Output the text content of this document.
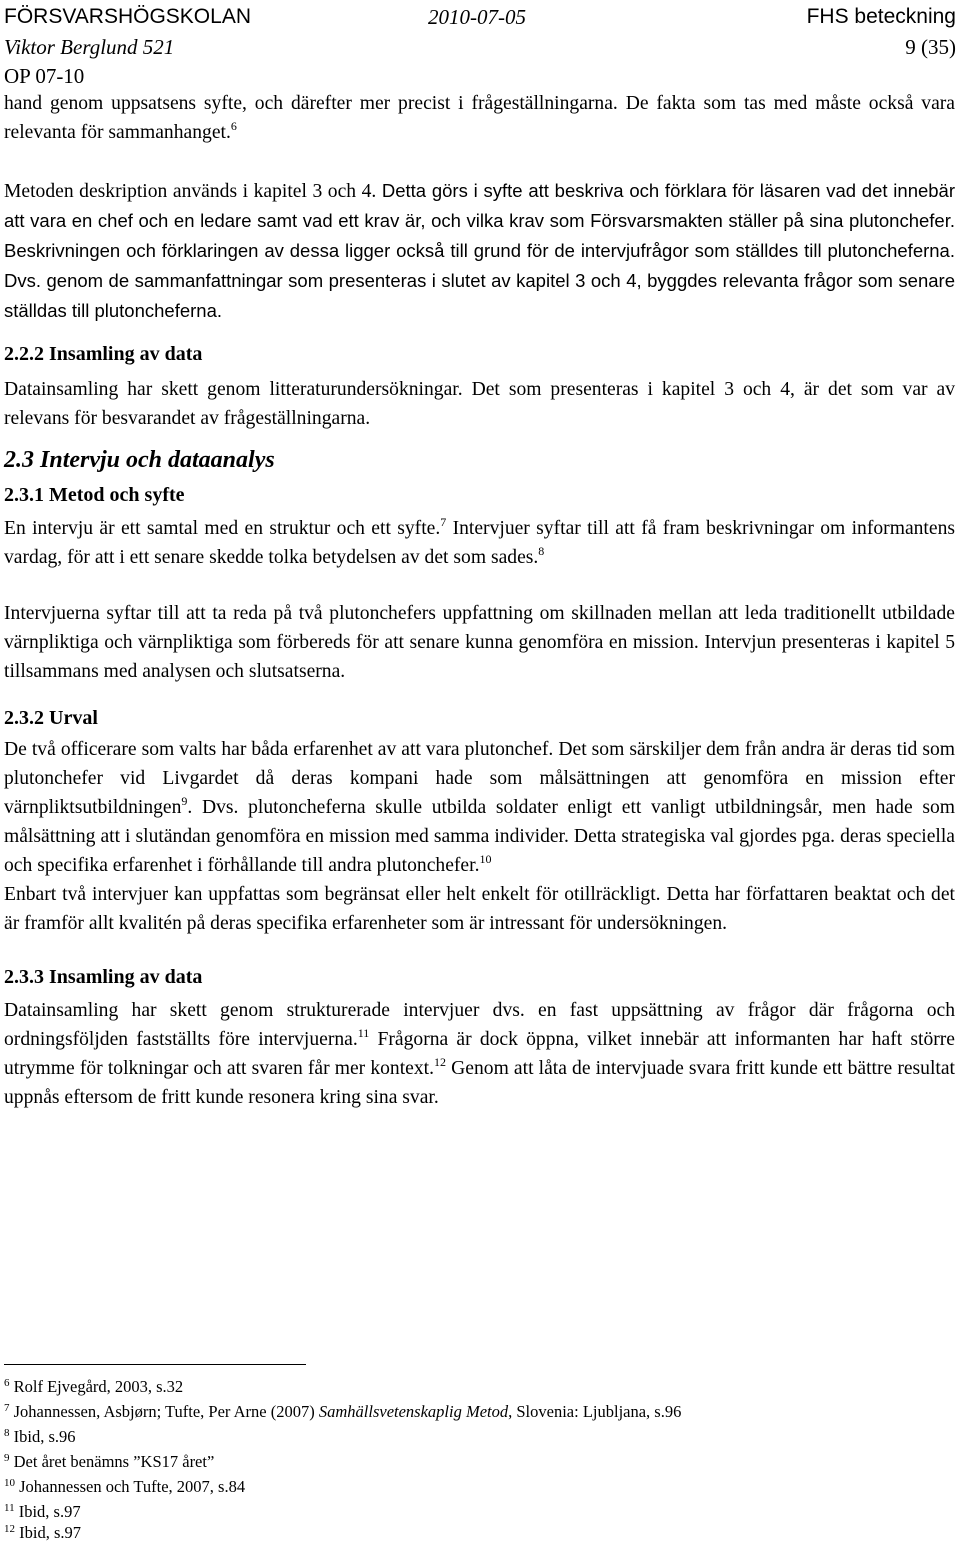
FÖRSVARSHÖGSKOLAN	2010-07-05	FHS beteckning
Viktor Berglund 521	9 (35)
OP 07-10

hand genom uppsatsens syfte, och därefter mer precist i frågeställningarna. De fakta som tas med måste också vara relevanta för sammanhanget.$^6$

Metoden deskription används i kapitel 3 och 4. Detta görs i syfte att beskriva och förklara för läsaren vad det innebär att vara en chef och en ledare samt vad ett krav är, och vilka krav som Försvarsmakten ställer på sina plutonchefer. Beskrivningen och förklaringen av dessa ligger också till grund för de intervjufrågor som ställdes till plutoncheferna. Dvs. genom de sammanfattningar som presenteras i slutet av kapitel 3 och 4, byggdes relevanta frågor som senare ställdas till plutoncheferna.

2.2.2 Insamling av data

Datainsamling har skett genom litteraturundersökningar. Det som presenteras i kapitel 3 och 4, är det som var av relevans för besvarandet av frågeställningarna.

2.3 Intervju och dataanalys
2.3.1 Metod och syfte

En intervju är ett samtal med en struktur och ett syfte.$^7$ Intervjuer syftar till att få fram beskrivningar om informantens vardag, för att i ett senare skedde tolka betydelsen av det som sades.$^8$

Intervjuerna syftar till att ta reda på två plutonchefers uppfattning om skillnaden mellan att leda traditionellt utbildade värnpliktiga och värnpliktiga som förbereds för att senare kunna genomföra en mission. Intervjun presenteras i kapitel 5 tillsammans med analysen och slutsatserna.

2.3.2 Urval

De två officerare som valts har båda erfarenhet av att vara plutonchef. Det som särskiljer dem från andra är deras tid som plutonchefer vid Livgardet då deras kompani hade som målsättningen att genomföra en mission efter värnpliktsutbildningen$^9$. Dvs. plutoncheferna skulle utbilda soldater enligt ett vanligt utbildningsår, men hade som målsättning att i slutändan genomföra en mission med samma individer. Detta strategiska val gjordes pga. deras speciella och specifika erfarenhet i förhållande till andra plutonchefer.$^{10}$

Enbart två intervjuer kan uppfattas som begränsat eller helt enkelt för otillräckligt. Detta har författaren beaktat och det är framför allt kvalitén på deras specifika erfarenheter som är intressant för undersökningen.

2.3.3 Insamling av data

Datainsamling har skett genom strukturerade intervjuer dvs. en fast uppsättning av frågor där frågorna och ordningsföljden fastställts före intervjuerna.$^{11}$ Frågorna är dock öppna, vilket innebär att informanten har haft större utrymme för tolkningar och att svaren får mer kontext.$^{12}$ Genom att låta de intervjuade svara fritt kunde ett bättre resultat uppnås eftersom de fritt kunde resonera kring sina svar.

$^6$ Rolf Ejvegård, 2003, s.32
$^7$ Johannessen, Asbjørn; Tufte, Per Arne (2007) Samhällsvetenskaplig Metod, Slovenia: Ljubljana, s.96
$^8$ Ibid, s.96
$^9$ Det året benämns ”KS17 året”
$^{10}$ Johannessen och Tufte, 2007, s.84
$^{11}$ Ibid, s.97
$^{12}$ Ibid, s.97
